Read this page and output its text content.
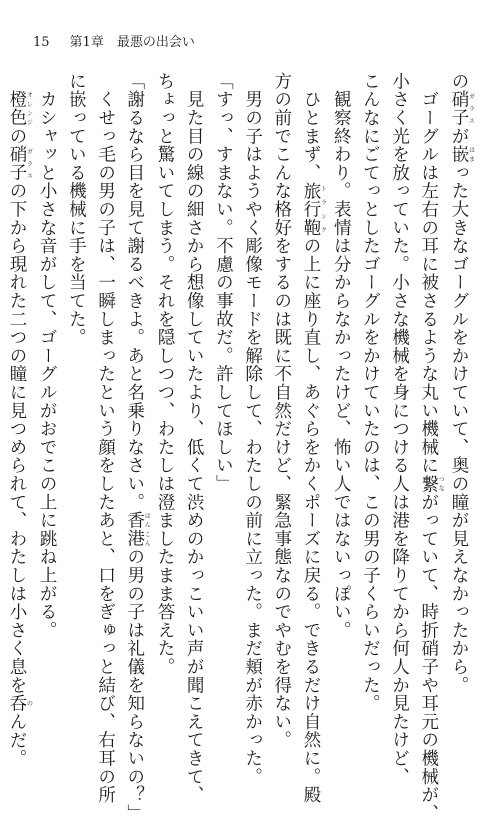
15 第1章　最悪の出会い

の硝子ガラスが嵌はまった大きなゴーグルをかけていて、奥の瞳が見えなかったから。

　ゴーグルは左右の耳に被さるような丸い機械に繋つながっていて、時折硝子や耳元の機械が、

小さく光を放っていた。小さな機械を身につける人は港を降りてから何人か見たけど、

こんなにごてっとしたゴーグルをかけていたのは、この男の子くらいだった。

　観察終わり。表情は分からなかったけど、怖い人ではないっぽい。

　ひとまず、旅行鞄トランクの上に座り直し、あぐらをかくポーズに戻る。できるだけ自然に。殿

方の前でこんな格好をするのは既に不自然だけど、緊急事態なのでやむを得ない。

　男の子はようやく彫像モードを解除して、わたしの前に立った。まだ頬が赤かった。

「すっ、すまない。不慮の事故だ。許してほしい」

　見た目の線の細さから想像していたより、低くて渋めのかっこいい声が聞こえてきて、

ちょっと驚いてしまう。それを隠しつつ、わたしは澄ましたまま答えた。

「謝るなら目を見て謝るべきよ。あと名乗りなさい。香港ほんこんの男の子は礼儀を知らないの？」

　くせっ毛の男の子は、一瞬しまったという顔をしたあと、口をぎゅっと結び、右耳の所

に嵌っている機械に手を当てた。

　カシャッと小さな音がして、ゴーグルがおでこの上に跳ね上がる。

　橙色オレンジの硝子ガラスの下から現れた二つの瞳に見つめられて、わたしは小さく息を呑のんだ。
